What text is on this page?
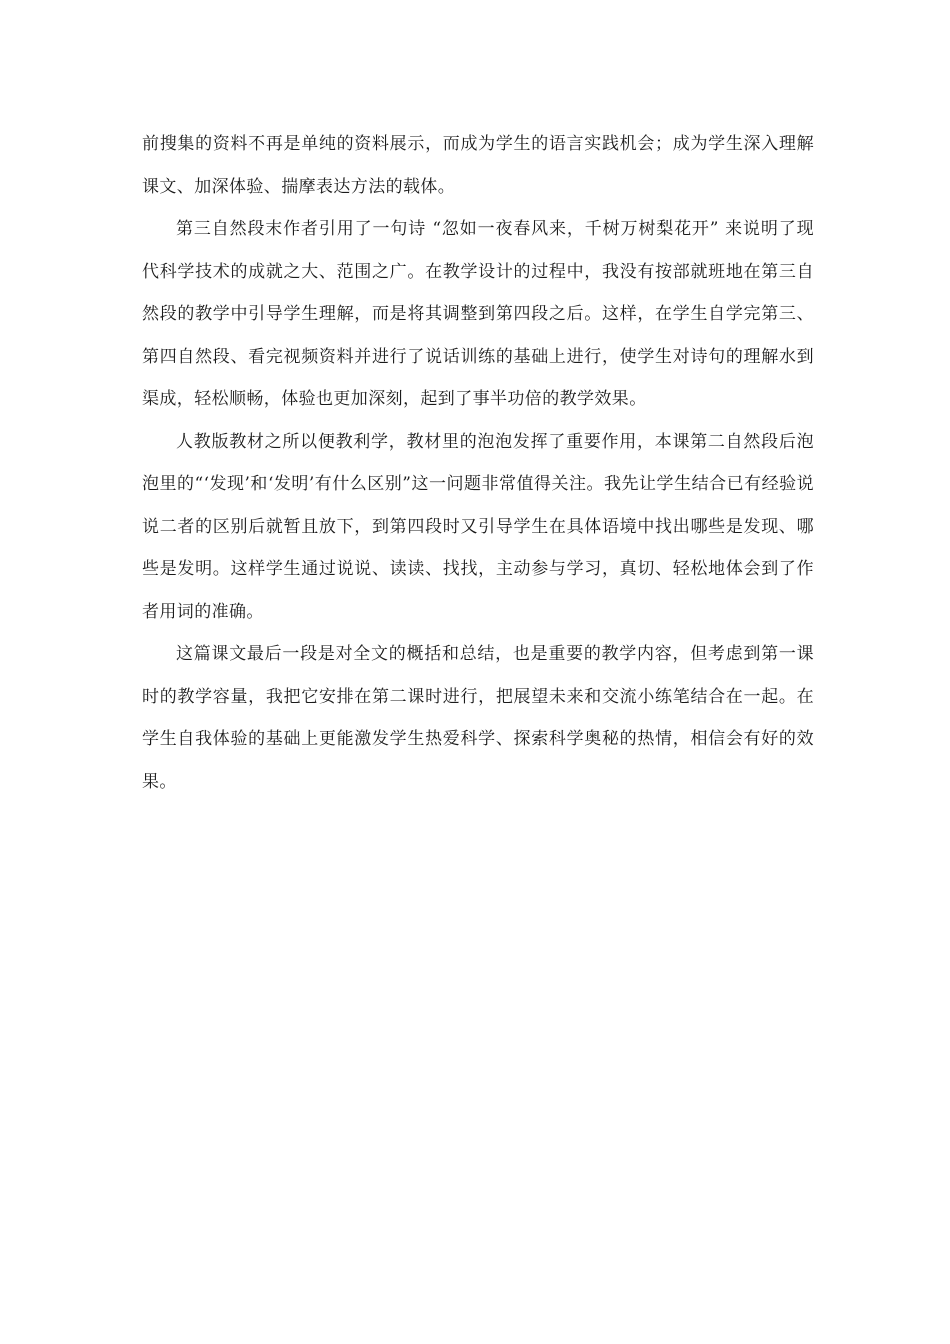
前搜集的资料不再是单纯的资料展示，而成为学生的语言实践机会；成为学生深入理解课文、加深体验、揣摩表达方法的载体。

第三自然段末作者引用了一句诗 “忽如一夜春风来，千树万树梨花开” 来说明了现代科学技术的成就之大、范围之广。在教学设计的过程中，我没有按部就班地在第三自然段的教学中引导学生理解，而是将其调整到第四段之后。这样，在学生自学完第三、第四自然段、看完视频资料并进行了说话训练的基础上进行，使学生对诗句的理解水到渠成，轻松顺畅，体验也更加深刻，起到了事半功倍的教学效果。

人教版教材之所以便教利学，教材里的泡泡发挥了重要作用，本课第二自然段后泡泡里的“‘发现’和‘发明’有什么区别”这一问题非常值得关注。我先让学生结合已有经验说说二者的区别后就暂且放下，到第四段时又引导学生在具体语境中找出哪些是发现、哪些是发明。这样学生通过说说、读读、找找，主动参与学习，真切、轻松地体会到了作者用词的准确。

这篇课文最后一段是对全文的概括和总结，也是重要的教学内容，但考虑到第一课时的教学容量，我把它安排在第二课时进行，把展望未来和交流小练笔结合在一起。在学生自我体验的基础上更能激发学生热爱科学、探索科学奥秘的热情，相信会有好的效果。
